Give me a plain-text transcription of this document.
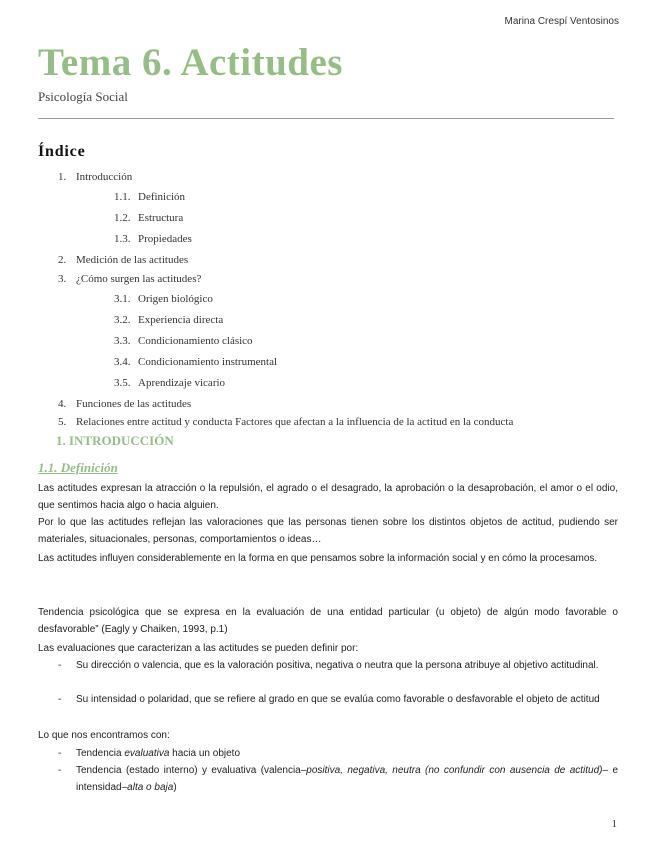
Marina Crespí Ventosinos
Tema 6. Actitudes
Psicología Social
Índice
1. Introducción
1.1. Definición
1.2. Estructura
1.3. Propiedades
2. Medición de las actitudes
3. ¿Cómo surgen las actitudes?
3.1. Origen biológico
3.2. Experiencia directa
3.3. Condicionamiento clásico
3.4. Condicionamiento instrumental
3.5. Aprendizaje vicario
4. Funciones de las actitudes
5. Relaciones entre actitud y conducta Factores que afectan a la influencia de la actitud en la conducta
1. INTRODUCCIÓN
1.1. Definición
Las actitudes expresan la atracción o la repulsión, el agrado o el desagrado, la aprobación o la desaprobación, el amor o el odio, que sentimos hacia algo o hacia alguien.
Por lo que las actitudes reflejan las valoraciones que las personas tienen sobre los distintos objetos de actitud, pudiendo ser materiales, situacionales, personas, comportamientos o ideas…
Las actitudes influyen considerablemente en la forma en que pensamos sobre la información social y en cómo la procesamos.
Tendencia psicológica que se expresa en la evaluación de una entidad particular (u objeto) de algún modo favorable o desfavorable” (Eagly y Chaiken, 1993, p.1)
Las evaluaciones que caracterizan a las actitudes se pueden definir por:
- Su dirección o valencia, que es la valoración positiva, negativa o neutra que la persona atribuye al objetivo actitudinal.
- Su intensidad o polaridad, que se refiere al grado en que se evalúa como favorable o desfavorable el objeto de actitud
Lo que nos encontramos con:
- Tendencia evaluativa hacia un objeto
- Tendencia (estado interno) y evaluativa (valencia–positiva, negativa, neutra (no confundir con ausencia de actitud)– e intensidad–alta o baja)
1
